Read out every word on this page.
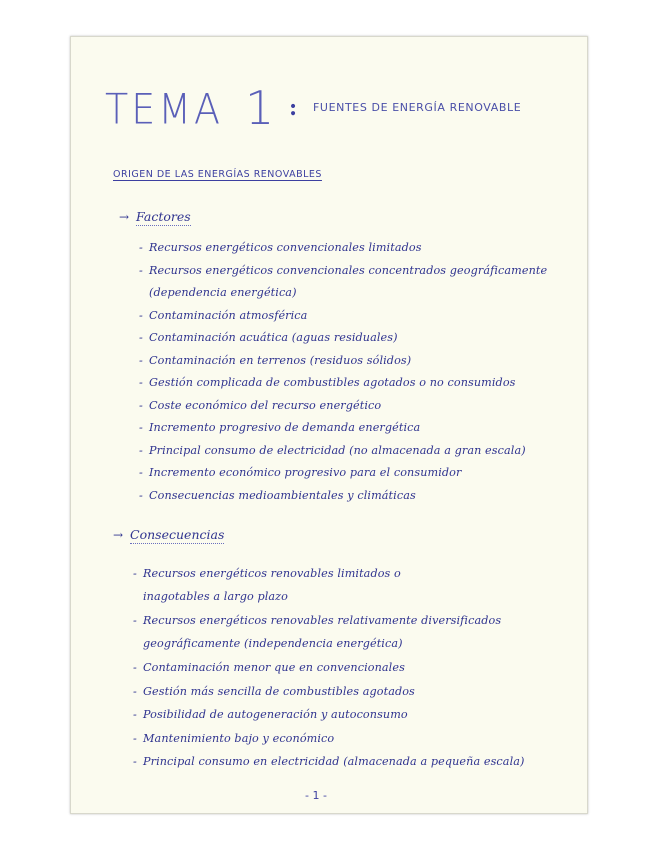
TEMA 1 : FUENTES DE ENERGÍA RENOVABLE
ORIGEN DE LAS ENERGÍAS RENOVABLES
→ Factores
- Recursos energéticos convencionales limitados
- Recursos energéticos convencionales concentrados geográficamente
(dependencia energética)
- Contaminación atmosférica
- Contaminación acuática (aguas residuales)
- Contaminación en terrenos (residuos sólidos)
- Gestión complicada de combustibles agotados o no consumidos
- Coste económico del recurso energético
- Incremento progresivo de demanda energética
- Principal consumo de electricidad (no almacenada a gran escala)
- Incremento económico progresivo para el consumidor
- Consecuencias medioambientales y climáticas
→ Consecuencias
- Recursos energéticos renovables limitados o
inagotables a largo plazo
- Recursos energéticos renovables relativamente diversificados
geográficamente (independencia energética)
- Contaminación menor que en convencionales
- Gestión más sencilla de combustibles agotados
- Posibilidad de autogeneración y autoconsumo
- Mantenimiento bajo y económico
- Principal consumo en electricidad (almacenada a pequeña escala)
- 1 -
